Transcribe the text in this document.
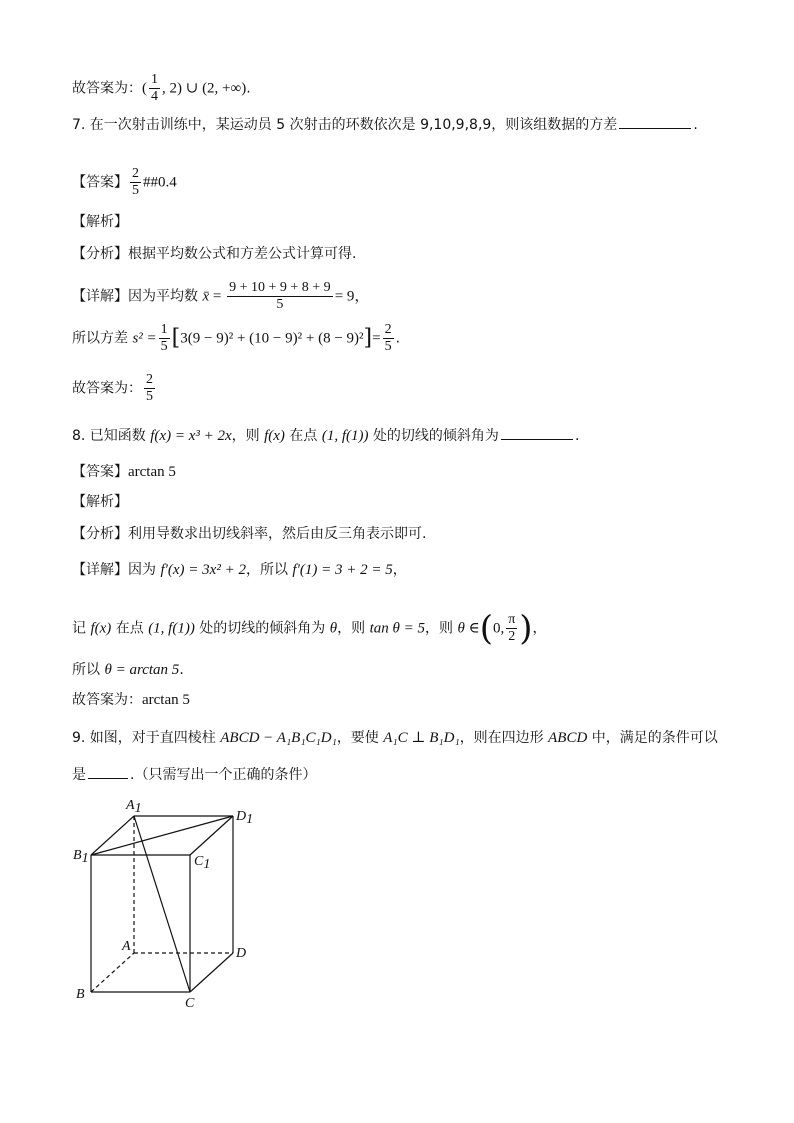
故答案为：( $\frac{1}{4}$ , 2) ∪ (2, +∞).
7. 在一次射击训练中，某运动员 5 次射击的环数依次是 9,10,9,8,9，则该组数据的方差	.
【答案】 $\frac{2}{5}$ ##0.4
【解析】
【分析】根据平均数公式和方差公式计算可得.
【详解】因为平均数 x̄ = $\frac{9 + 10 + 9 + 8 + 9}{5} = 9$，
所以方差 $s^2 = \frac{1}{5} [3(9 - 9)^2 + (10 - 9)^2 + (8 - 9)^2]= \frac{2}{5}$ .
故答案为： $\frac{2}{5}$
8. 已知函数 f(x) = x³ + 2x，则 f(x) 在点 (1, f(1)) 处的切线的倾斜角为	.
【答案】arctan 5
【解析】
【分析】利用导数求出切线斜率，然后由反三角表示即可.
【详解】因为 f′(x) = 3x² + 2，所以 f′(1) = 3 + 2 = 5，
记 f(x) 在点 (1, f(1)) 处的切线的倾斜角为 θ，则 tan θ = 5，则 θ ∈(0, $\frac{\pi}{2}$ )，
所以 θ = arctan 5.
故答案为：arctan 5
9. 如图，对于直四棱柱 ABCD − A₁B₁C₁D₁，要使 A₁C ⊥ B₁D₁，则在四边形 ABCD 中，满足的条件可以
是	.（只需写出一个正确的条件）
A1
D1
B1	C1
A	D
B
C
